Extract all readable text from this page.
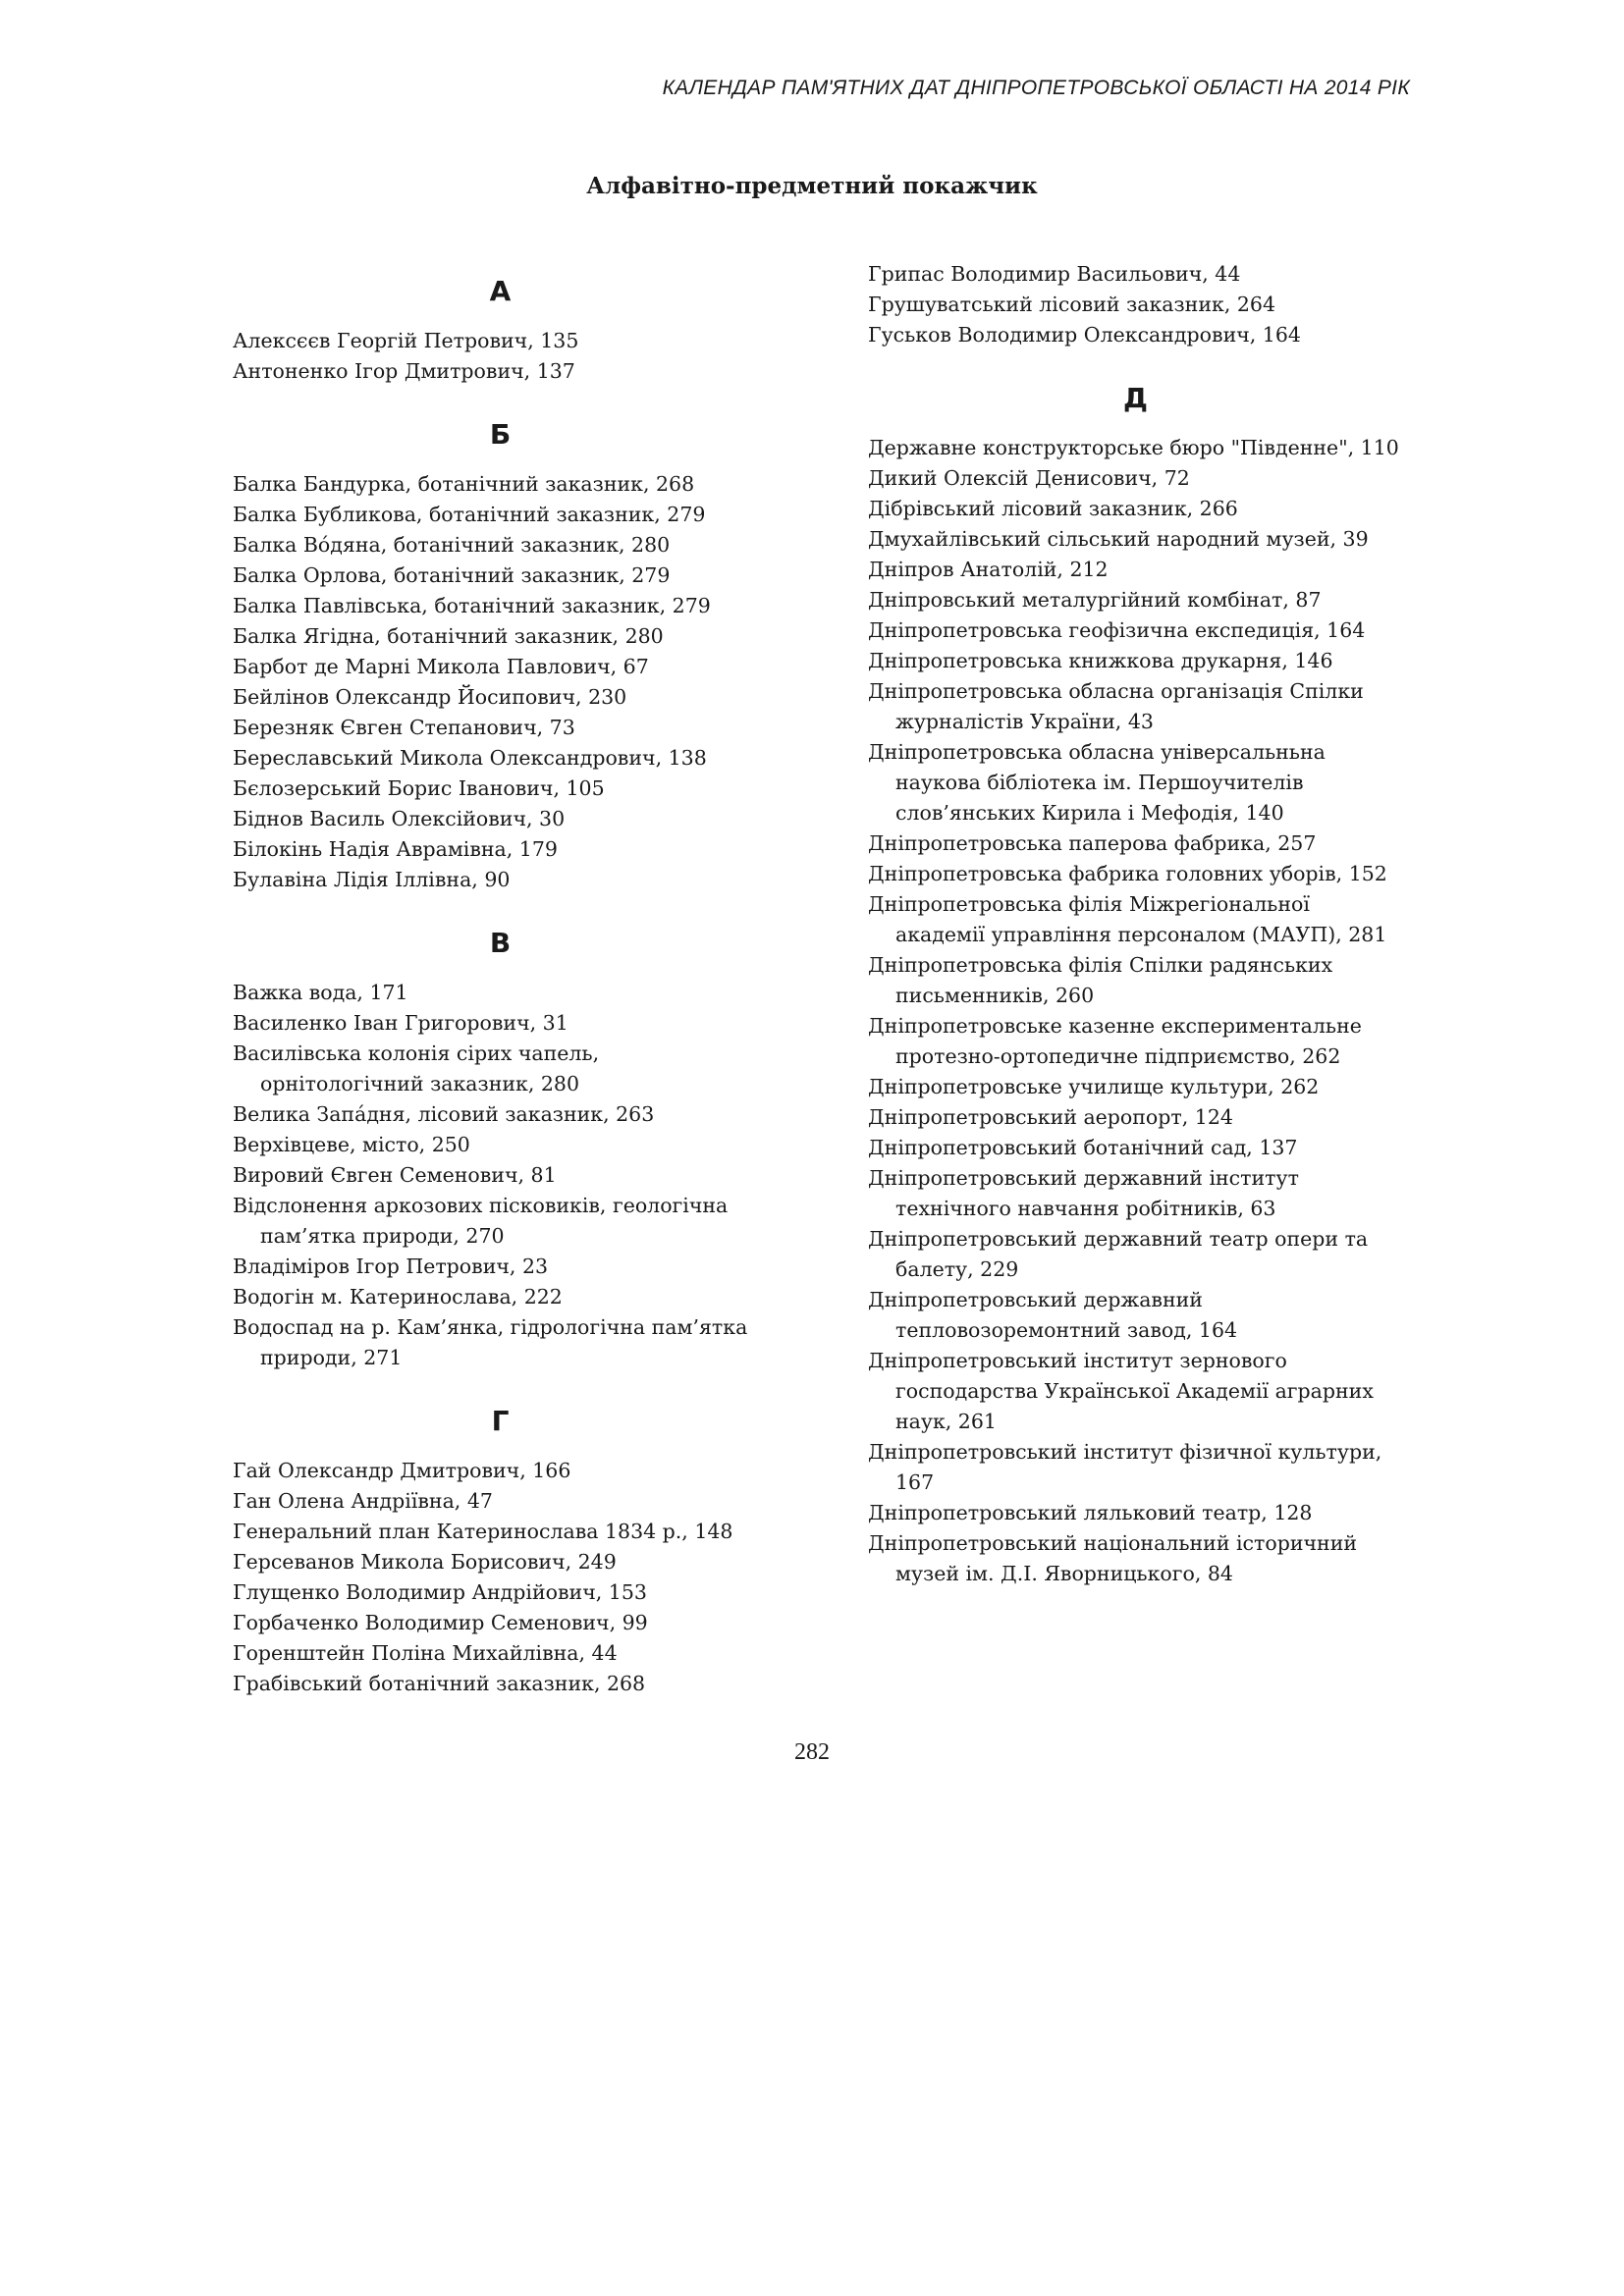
КАЛЕНДАР ПАМ'ЯТНИХ ДАТ ДНІПРОПЕТРОВСЬКОЇ ОБЛАСТІ НА 2014 РІК
Алфавітно-предметний покажчик
А
Алексєєв Георгій Петрович, 135
Антоненко Ігор Дмитрович, 137
Б
Балка Бандурка, ботанічний заказник, 268
Балка Бубликова, ботанічний заказник, 279
Балка Вóдяна, ботанічний заказник, 280
Балка Орлова, ботанічний заказник, 279
Балка Павлівська, ботанічний заказник, 279
Балка Ягідна, ботанічний заказник, 280
Барбот де Марні Микола Павлович, 67
Бейлінов Олександр Йосипович, 230
Березняк Євген Степанович, 73
Береславський Микола Олександрович, 138
Бєлозерський Борис Іванович, 105
Біднов Василь Олексійович, 30
Білокінь Надія Аврамівна, 179
Булавіна Лідія Іллівна, 90
В
Важка вода, 171
Василенко Іван Григорович, 31
Василівська колонія сірих чапель, орнітологічний заказник, 280
Велика Запáдня, лісовий заказник, 263
Верхівцеве, місто, 250
Вировий Євген Семенович, 81
Відслонення аркозових пісковиків, геологічна пам’ятка природи, 270
Владіміров Ігор Петрович, 23
Водогін м. Катеринослава, 222
Водоспад на р. Кам’янка, гідрологічна пам’ятка природи, 271
Г
Гай Олександр Дмитрович, 166
Ган Олена Андріївна, 47
Генеральний план Катеринослава 1834 р., 148
Герсеванов Микола Борисович, 249
Глущенко Володимир Андрійович, 153
Горбаченко Володимир Семенович, 99
Горенштейн Поліна Михайлівна, 44
Грабівський ботанічний заказник, 268
Грипас Володимир Васильович, 44
Грушуватський лісовий заказник, 264
Гуськов Володимир Олександрович, 164
Д
Державне конструкторське бюро "Південне", 110
Дикий Олексій Денисович, 72
Дібрівський лісовий заказник, 266
Дмухайлівський сільський народний музей, 39
Дніпров Анатолій, 212
Дніпровський металургійний комбінат, 87
Дніпропетровська геофізична експедиція, 164
Дніпропетровська книжкова друкарня, 146
Дніпропетровська обласна організація Спілки журналістів України, 43
Дніпропетровська обласна універсальньна наукова бібліотека ім. Першоучителів слов’янських Кирила і Мефодія, 140
Дніпропетровська паперова фабрика, 257
Дніпропетровська фабрика головних уборів, 152
Дніпропетровська філія Міжрегіональної академії управління персоналом (МАУП), 281
Дніпропетровська філія Спілки радянських письменників, 260
Дніпропетровське казенне експериментальне протезно-ортопедичне підприємство, 262
Дніпропетровське училище культури, 262
Дніпропетровський аеропорт, 124
Дніпропетровський ботанічний сад, 137
Дніпропетровський державний інститут технічного навчання робітників, 63
Дніпропетровський державний театр опери та балету, 229
Дніпропетровський державний тепловозоремонтний завод, 164
Дніпропетровський інститут зернового господарства Української Академії аграрних наук, 261
Дніпропетровський інститут фізичної культури, 167
Дніпропетровський ляльковий театр, 128
Дніпропетровський національний історичний музей ім. Д.І. Яворницького, 84
282
